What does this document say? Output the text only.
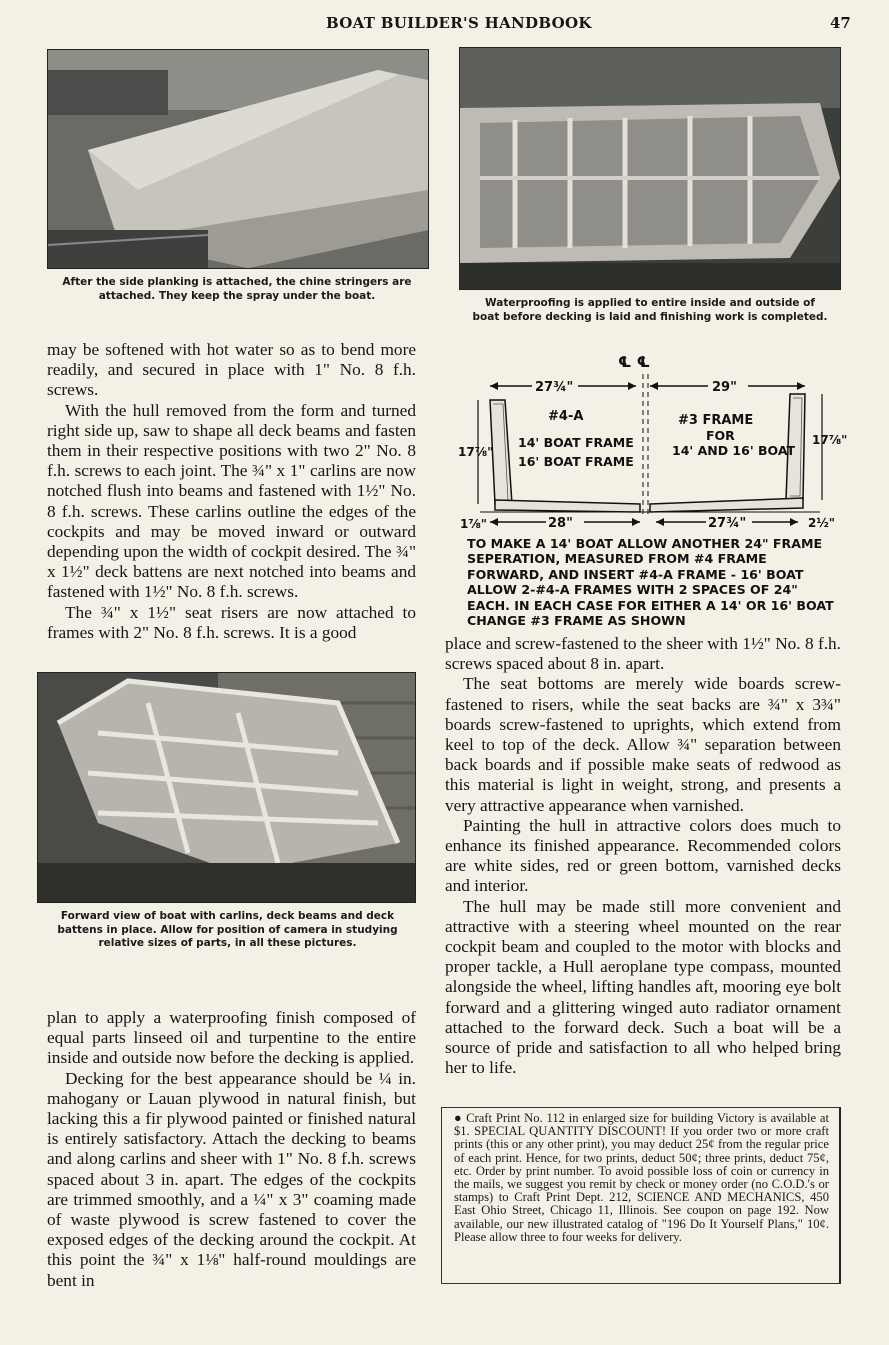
BOAT BUILDER'S HANDBOOK	47
After the side planking is attached, the chine stringers are attached. They keep the spray under the boat.
Waterproofing is applied to entire inside and outside of boat before decking is laid and finishing work is completed.

may be softened with hot water so as to bend more readily, and secured in place with 1" No. 8 f.h. screws.

With the hull removed from the form and turned right side up, saw to shape all deck beams and fasten them in their respective positions with two 2" No. 8 f.h. screws to each joint. The ¾" x 1" carlins are now notched flush into beams and fastened with 1½" No. 8 f.h. screws. These carlins outline the edges of the cockpits and may be moved inward or outward depending upon the width of cockpit desired. The ¾" x 1½" deck battens are next notched into beams and fastened with 1½" No. 8 f.h. screws.

The ¾" x 1½" seat risers are now attached to frames with 2" No. 8 f.h. screws. It is a good

℄ ℄
27¾"	29"
#4-A
14' BOAT FRAME
16' BOAT FRAME
#3 FRAME
FOR
14' AND 16' BOAT
17⅞"
17⅞"
28"	27¾"
1⅞"	2½"
TO MAKE A 14' BOAT ALLOW ANOTHER 24" FRAME SEPERATION, MEASURED FROM #4 FRAME FORWARD, AND INSERT #4-A FRAME - 16' BOAT ALLOW 2-#4-A FRAMES WITH 2 SPACES OF 24" EACH. IN EACH CASE FOR EITHER A 14' OR 16' BOAT CHANGE #3 FRAME AS SHOWN
Forward view of boat with carlins, deck beams and deck battens in place. Allow for position of camera in studying relative sizes of parts, in all these pictures.

plan to apply a waterproofing finish composed of equal parts linseed oil and turpentine to the entire inside and outside now before the decking is applied.

Decking for the best appearance should be ¼ in. mahogany or Lauan plywood in natural finish, but lacking this a fir plywood painted or finished natural is entirely satisfactory. Attach the decking to beams and along carlins and sheer with 1" No. 8 f.h. screws spaced about 3 in. apart. The edges of the cockpits are trimmed smoothly, and a ¼" x 3" coaming made of waste plywood is screw fastened to cover the exposed edges of the decking around the cockpit. At this point the ¾" x 1⅛" half-round mouldings are bent in

place and screw-fastened to the sheer with 1½" No. 8 f.h. screws spaced about 8 in. apart.

The seat bottoms are merely wide boards screw-fastened to risers, while the seat backs are ¾" x 3¾" boards screw-fastened to uprights, which extend from keel to top of the deck. Allow ¾" separation between back boards and if possible make seats of redwood as this material is light in weight, strong, and presents a very attractive appearance when varnished.

Painting the hull in attractive colors does much to enhance its finished appearance. Recommended colors are white sides, red or green bottom, varnished decks and interior.

The hull may be made still more convenient and attractive with a steering wheel mounted on the rear cockpit beam and coupled to the motor with blocks and proper tackle, a Hull aeroplane type compass, mounted alongside the wheel, lifting handles aft, mooring eye bolt forward and a glittering winged auto radiator ornament attached to the forward deck. Such a boat will be a source of pride and satisfaction to all who helped bring her to life.

● Craft Print No. 112 in enlarged size for building Victory is available at $1. SPECIAL QUANTITY DISCOUNT! If you order two or more craft prints (this or any other print), you may deduct 25¢ from the regular price of each print. Hence, for two prints, deduct 50¢; three prints, deduct 75¢, etc. Order by print number. To avoid possible loss of coin or currency in the mails, we suggest you remit by check or money order (no C.O.D.'s or stamps) to Craft Print Dept. 212, SCIENCE AND MECHANICS, 450 East Ohio Street, Chicago 11, Illinois. See coupon on page 192. Now available, our new illustrated catalog of "196 Do It Yourself Plans," 10¢. Please allow three to four weeks for delivery.
